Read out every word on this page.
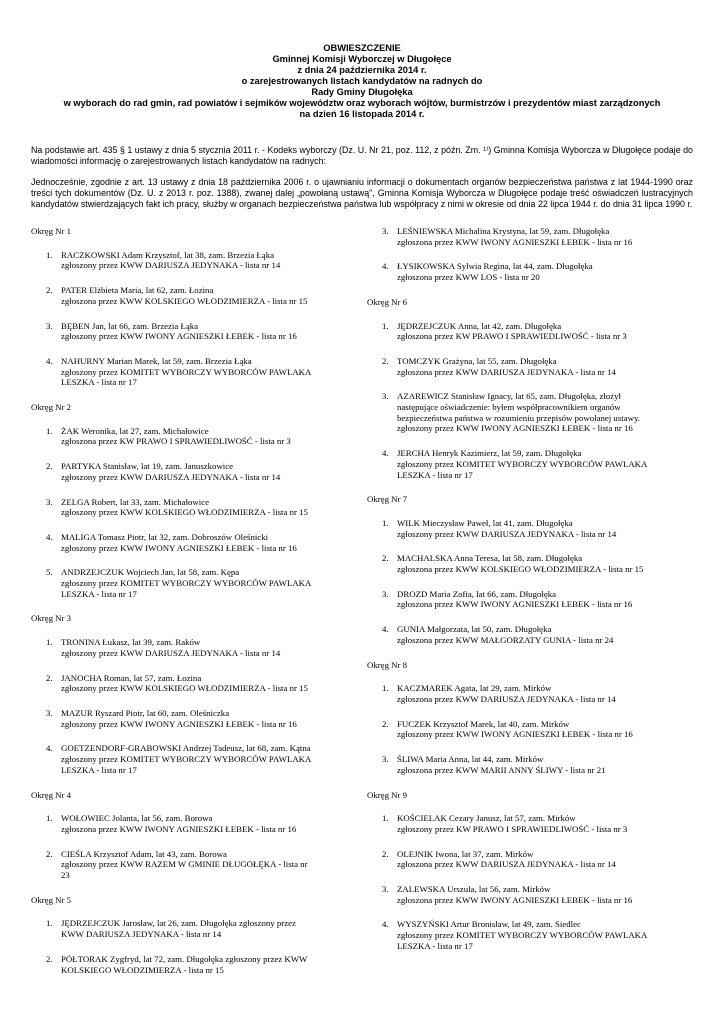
OBWIESZCZENIE
Gminnej Komisji Wyborczej w Długołęce
z dnia 24 października 2014 r.
o zarejestrowanych listach kandydatów na radnych do
Rady Gminy Długołęka
w wyborach do rad gmin, rad powiatów i sejmików województw oraz wyborach wójtów, burmistrzów i prezydentów miast zarządzonych
na dzień 16 listopada 2014 r.
Na podstawie art. 435 § 1 ustawy z dnia 5 stycznia 2011 r. - Kodeks wyborczy (Dz. U. Nr 21, poz. 112, z późn. Zm. ¹⁾) Gminna Komisja Wyborcza w Długołęce podaje do wiadomości informację o zarejestrowanych listach kandydatów na radnych:
Jednocześnie, zgodnie z art. 13 ustawy z dnia 18 października 2006 r. o ujawnianiu informacji o dokumentach organów bezpieczeństwa państwa z lat 1944-1990 oraz treści tych dokumentów (Dz. U. z 2013 r. poz. 1388), zwanej dalej „powołaną ustawą", Gminna Komisja Wyborcza w Długołęce podaje treść oświadczeń lustracyjnych kandydatów stwierdzających fakt ich pracy, służby w organach bezpieczeństwa państwa lub współpracy z nimi w okresie od dnia 22 lipca 1944 r. do dnia 31 lipca 1990 r.
Okręg Nr 1
1. RACZKOWSKI Adam Krzysztof, lat 38, zam. Brzezia Łąka
zgłoszony przez KWW DARIUSZA JEDYNAKA - lista nr 14
2. PATER Elżbieta Maria, lat 62, zam. Łozina
zgłoszona przez KWW KOLSKIEGO WŁODZIMIERZA - lista nr 15
3. BĘBEN Jan, lat 66, zam. Brzezia Łąka
zgłoszony przez KWW IWONY AGNIESZKI ŁEBEK - lista nr 16
4. NAHURNY Marian Marek, lat 59, zam. Brzezia Łąka
zgłoszony przez KOMITET WYBORCZY WYBORCÓW PAWLAKA
LESZKA - lista nr 17
Okręg Nr 2
1. ŻAK Weronika, lat 27, zam. Michałowice
zgłoszona przez KW PRAWO I SPRAWIEDLIWOŚĆ - lista nr 3
2. PARTYKA Stanisław, lat 19, zam. Januszkowice
zgłoszony przez KWW DARIUSZA JEDYNAKA - lista nr 14
3. ZELGA Robert, lat 33, zam. Michałowice
zgłoszony przez KWW KOLSKIEGO WŁODZIMIERZA - lista nr 15
4. MALIGA Tomasz Piotr, lat 32, zam. Dobroszów Oleśnicki
zgłoszony przez KWW IWONY AGNIESZKI ŁEBEK - lista nr 16
5. ANDRZEJCZUK Wojciech Jan, lat 58, zam. Kępa
zgłoszony przez KOMITET WYBORCZY WYBORCÓW PAWLAKA
LESZKA - lista nr 17
Okręg Nr 3
1. TRONINA Łukasz, lat 39, zam. Raków
zgłoszony przez KWW DARIUSZA JEDYNAKA - lista nr 14
2. JANOCHA Roman, lat 57, zam. Łozina
zgłoszony przez KWW KOLSKIEGO WŁODZIMIERZA - lista nr 15
3. MAZUR Ryszard Piotr, lat 60, zam. Oleśniczka
zgłoszony przez KWW IWONY AGNIESZKI ŁEBEK - lista nr 16
4. GOETZENDORF-GRABOWSKI Andrzej Tadeusz, lat 68, zam. Kątna
zgłoszony przez KOMITET WYBORCZY WYBORCÓW PAWLAKA
LESZKA - lista nr 17
Okręg Nr 4
1. WOŁOWIEC Jolanta, lat 56, zam. Borowa
zgłoszona przez KWW IWONY AGNIESZKI ŁEBEK - lista nr 16
2. CIEŚLA Krzysztof Adam, lat 43, zam. Borowa
zgłoszony przez KWW RAZEM W GMINIE DŁUGOŁĘKA - lista nr
23
Okręg Nr 5
1. JĘDRZEJCZUK Jarosław, lat 26, zam. Długołęka zgłoszony przez
KWW DARIUSZA JEDYNAKA - lista nr 14
2. PÓŁTORAK Zygfryd, lat 72, zam. Długołęka zgłoszony przez KWW
KOLSKIEGO WŁODZIMIERZA - lista nr 15
3. LEŚNIEWSKA Michalina Krystyna, lat 59, zam. Długołęka
zgłoszona przez KWW IWONY AGNIESZKI ŁEBEK - lista nr 16
4. ŁYSIKOWSKA Sylwia Regina, lat 44, zam. Długołęka
zgłoszona przez KWW LOS - lista nr 20
Okręg Nr 6
1. JĘDRZEJCZUK Anna, lat 42, zam. Długołęka
zgłoszona przez KW PRAWO I SPRAWIEDLIWOŚĆ - lista nr 3
2. TOMCZYK Grażyna, lat 55, zam. Długołęka
zgłoszona przez KWW DARIUSZA JEDYNAKA - lista nr 14
3. AZAREWICZ Stanisław Ignacy, lat 65, zam. Długołęka, złożył
następujące oświadczenie: byłem współpracownikiem organów
bezpieczeństwa państwa w rozumieniu przepisów powołanej ustawy.
zgłoszony przez KWW IWONY AGNIESZKI ŁEBEK - lista nr 16
4. JERCHA Henryk Kazimierz, lat 59, zam. Długołęka
zgłoszony przez KOMITET WYBORCZY WYBORCÓW PAWLAKA
LESZKA - lista nr 17
Okręg Nr 7
1. WILK Mieczysław Paweł, lat 41, zam. Długołęka
zgłoszony przez KWW DARIUSZA JEDYNAKA - lista nr 14
2. MACHALSKA Anna Teresa, lat 58, zam. Długołęka
zgłoszona przez KWW KOLSKIEGO WŁODZIMIERZA - lista nr 15
3. DROZD Maria Zofia, lat 66, zam. Długołęka
zgłoszona przez KWW IWONY AGNIESZKI ŁEBEK - lista nr 16
4. GUNIA Małgorzata, lat 50, zam. Długołęka
zgłoszona przez KWW MAŁGORZATY GUNIA - lista nr 24
Okręg Nr 8
1. KACZMAREK Agata, lat 29, zam. Mirków
zgłoszona przez KWW DARIUSZA JEDYNAKA - lista nr 14
2. FUCZEK Krzysztof Marek, lat 40, zam. Mirków
zgłoszony przez KWW IWONY AGNIESZKI ŁEBEK - lista nr 16
3. ŚLIWA Maria Anna, lat 44, zam. Mirków
zgłoszona przez KWW MARII ANNY ŚLIWY - lista nr 21
Okręg Nr 9
1. KOŚCIELAK Cezary Janusz, lat 57, zam. Mirków
zgłoszony przez KW PRAWO I SPRAWIEDLIWOŚĆ - lista nr 3
2. OLEJNIK Iwona, lat 37, zam. Mirków
zgłoszona przez KWW DARIUSZA JEDYNAKA - lista nr 14
3. ZALEWSKA Urszula, lat 56, zam. Mirków
zgłoszona przez KWW IWONY AGNIESZKI ŁEBEK - lista nr 16
4. WYSZYŃSKI Artur Bronisław, lat 49, zam. Siedlec
zgłoszony przez KOMITET WYBORCZY WYBORCÓW PAWLAKA
LESZKA - lista nr 17
